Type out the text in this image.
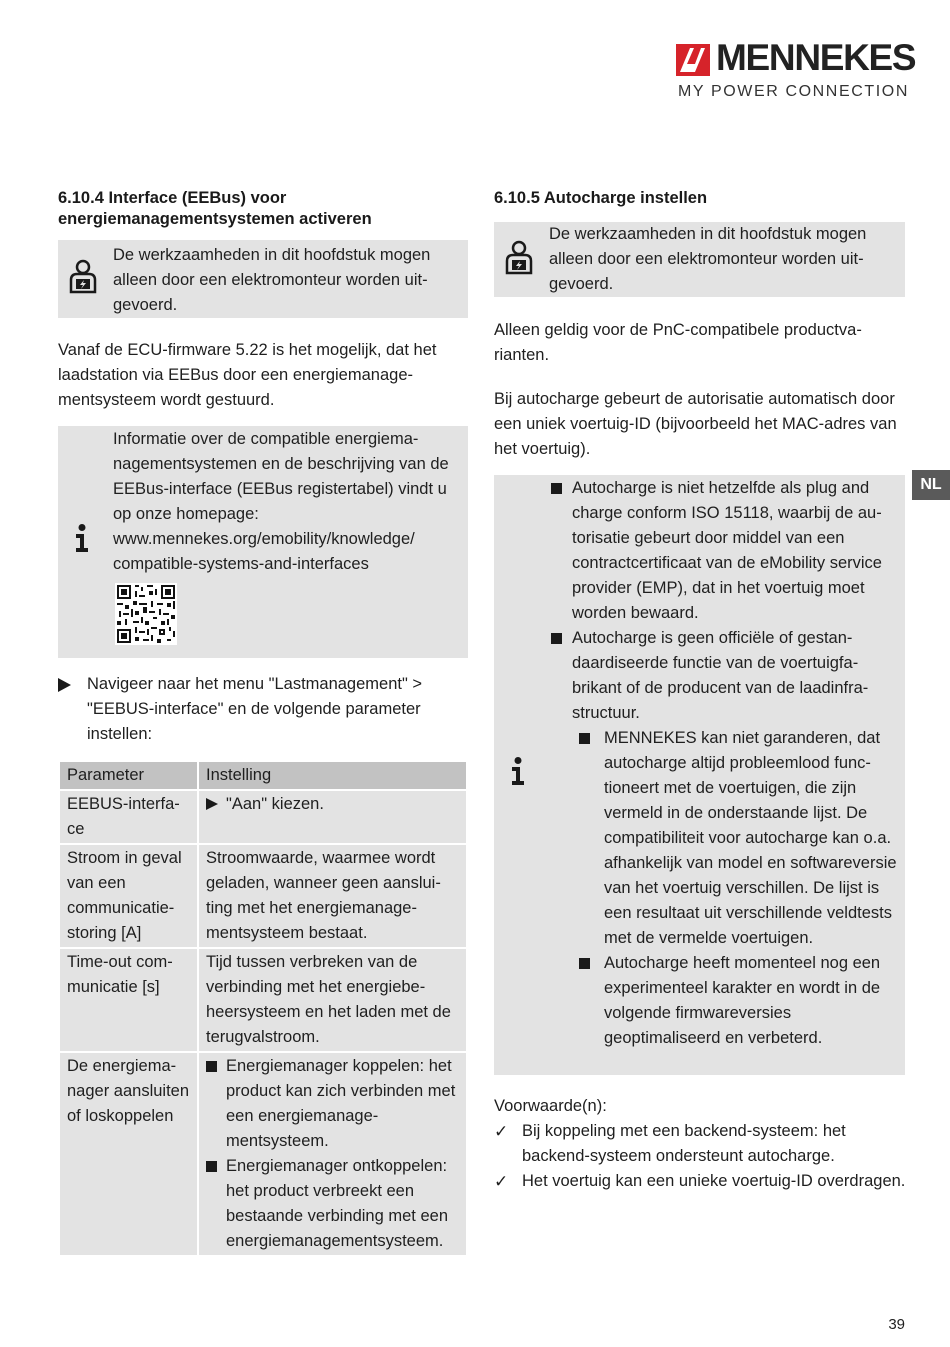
MENNEKES
MY POWER CONNECTION
NL
6.10.4 Interface (EEBus) voor energiemanagementsystemen activeren
De werkzaamheden in dit hoofdstuk mogen alleen door een elektromonteur worden uitgevoerd.

Vanaf de ECU-firmware 5.22 is het mogelijk, dat het laadstation via EEBus door een energiemanagementsysteem wordt gestuurd.

Informatie over de compatible energiemanagementsystemen en de beschrijving van de EEBus-interface (EEBus registertabel) vindt u op onze homepage: www.mennekes.org/emobility/knowledge/ compatible-systems-and-interfaces
Navigeer naar het menu "Lastmanagement" > "EEBUS-interface" en de volgende parameter instellen:
Parameter	Instelling
EEBUS-interface	"Aan" kiezen.

Stroom in geval van een communicatiestoring [A]	Stroomwaarde, waarmee wordt geladen, wanneer geen aansluiting met het energiemanagementsysteem bestaat.
Time-out communicatie [s]	Tijd tussen verbreken van de verbinding met het energiebeheersysteem en het laden met de terugvalstroom.
De energiemanager aansluiten of loskoppelen	Energiemanager koppelen: het product kan zich verbinden met een energiemanagementsysteem.
Energiemanager ontkoppelen: het product verbreekt een bestaande verbinding met een energiemanagementsysteem.
6.10.5 Autocharge instellen
De werkzaamheden in dit hoofdstuk mogen alleen door een elektromonteur worden uitgevoerd.

Alleen geldig voor de PnC-compatibele productvarianten.

Bij autocharge gebeurt de autorisatie automatisch door een uniek voertuig-ID (bijvoorbeeld het MAC-adres van het voertuig).

Autocharge is niet hetzelfde als plug and charge conform ISO 15118, waarbij de autorisatie gebeurt door middel van een contractcertificaat van de eMobility service provider (EMP), dat in het voertuig moet worden bewaard.
Autocharge is geen officiële of gestandaardiseerde functie van de voertuigfabrikant of de producent van de laadinfrastructuur.
MENNEKES kan niet garanderen, dat autocharge altijd probleemlood functioneert met de voertuigen, die zijn vermeld in de onderstaande lijst. De compatibiliteit voor autocharge kan o.a. afhankelijk van model en softwareversie van het voertuig verschillen. De lijst is een resultaat uit verschillende veldtests met de vermelde voertuigen.
Autocharge heeft momenteel nog een experimenteel karakter en wordt in de volgende firmwareversies geoptimaliseerd en verbeterd.
Voorwaarde(n):
✓ Bij koppeling met een backend-systeem: het backend-systeem ondersteunt autocharge.
✓ Het voertuig kan een unieke voertuig-ID overdragen.
39
